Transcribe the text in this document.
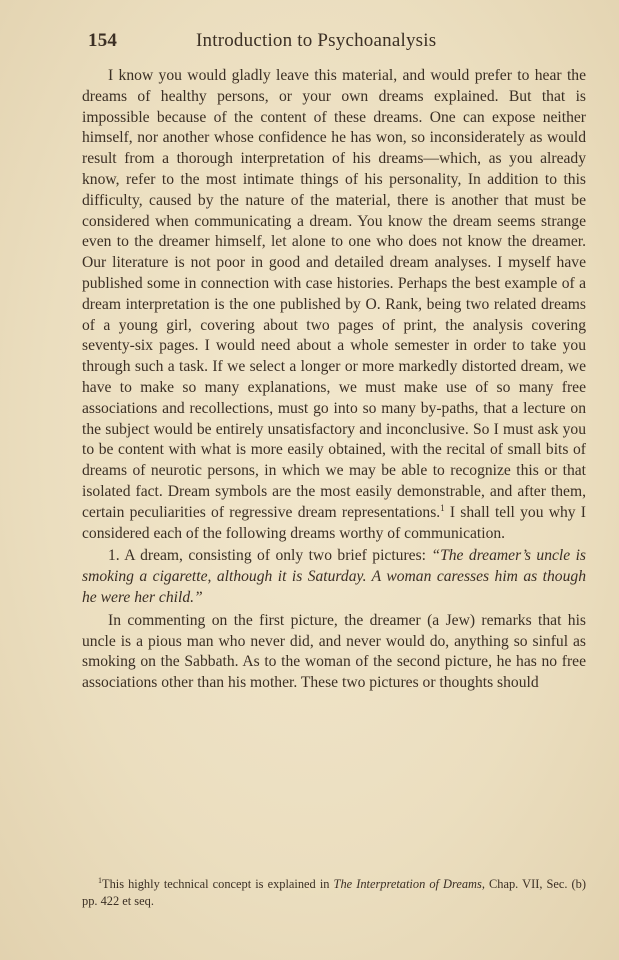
154	Introduction to Psychoanalysis

I know you would gladly leave this material, and would prefer to hear the dreams of healthy persons, or your own dreams explained. But that is impossible because of the content of these dreams. One can expose neither himself, nor another whose confidence he has won, so inconsiderately as would result from a thorough interpretation of his dreams—which, as you already know, refer to the most intimate things of his personality, In addition to this difficulty, caused by the nature of the material, there is another that must be considered when communicating a dream. You know the dream seems strange even to the dreamer himself, let alone to one who does not know the dreamer. Our literature is not poor in good and detailed dream analyses. I myself have published some in connection with case histories. Perhaps the best example of a dream interpretation is the one published by O. Rank, being two related dreams of a young girl, covering about two pages of print, the analysis covering seventy-six pages. I would need about a whole semester in order to take you through such a task. If we select a longer or more markedly distorted dream, we have to make so many explanations, we must make use of so many free associations and recollections, must go into so many by-paths, that a lecture on the subject would be entirely unsatisfactory and inconclusive. So I must ask you to be content with what is more easily obtained, with the recital of small bits of dreams of neurotic persons, in which we may be able to recognize this or that isolated fact. Dream symbols are the most easily demonstrable, and after them, certain peculiarities of regressive dream representations.$^1$ I shall tell you why I considered each of the following dreams worthy of communication.

1. A dream, consisting of only two brief pictures: “The dreamer’s uncle is smoking a cigarette, although it is Saturday. A woman caresses him as though he were her child.”

In commenting on the first picture, the dreamer (a Jew) remarks that his uncle is a pious man who never did, and never would do, anything so sinful as smoking on the Sabbath. As to the woman of the second picture, he has no free associations other than his mother. These two pictures or thoughts should

$^1$This highly technical concept is explained in The Interpretation of Dreams, Chap. VII, Sec. (b) pp. 422 et seq.
